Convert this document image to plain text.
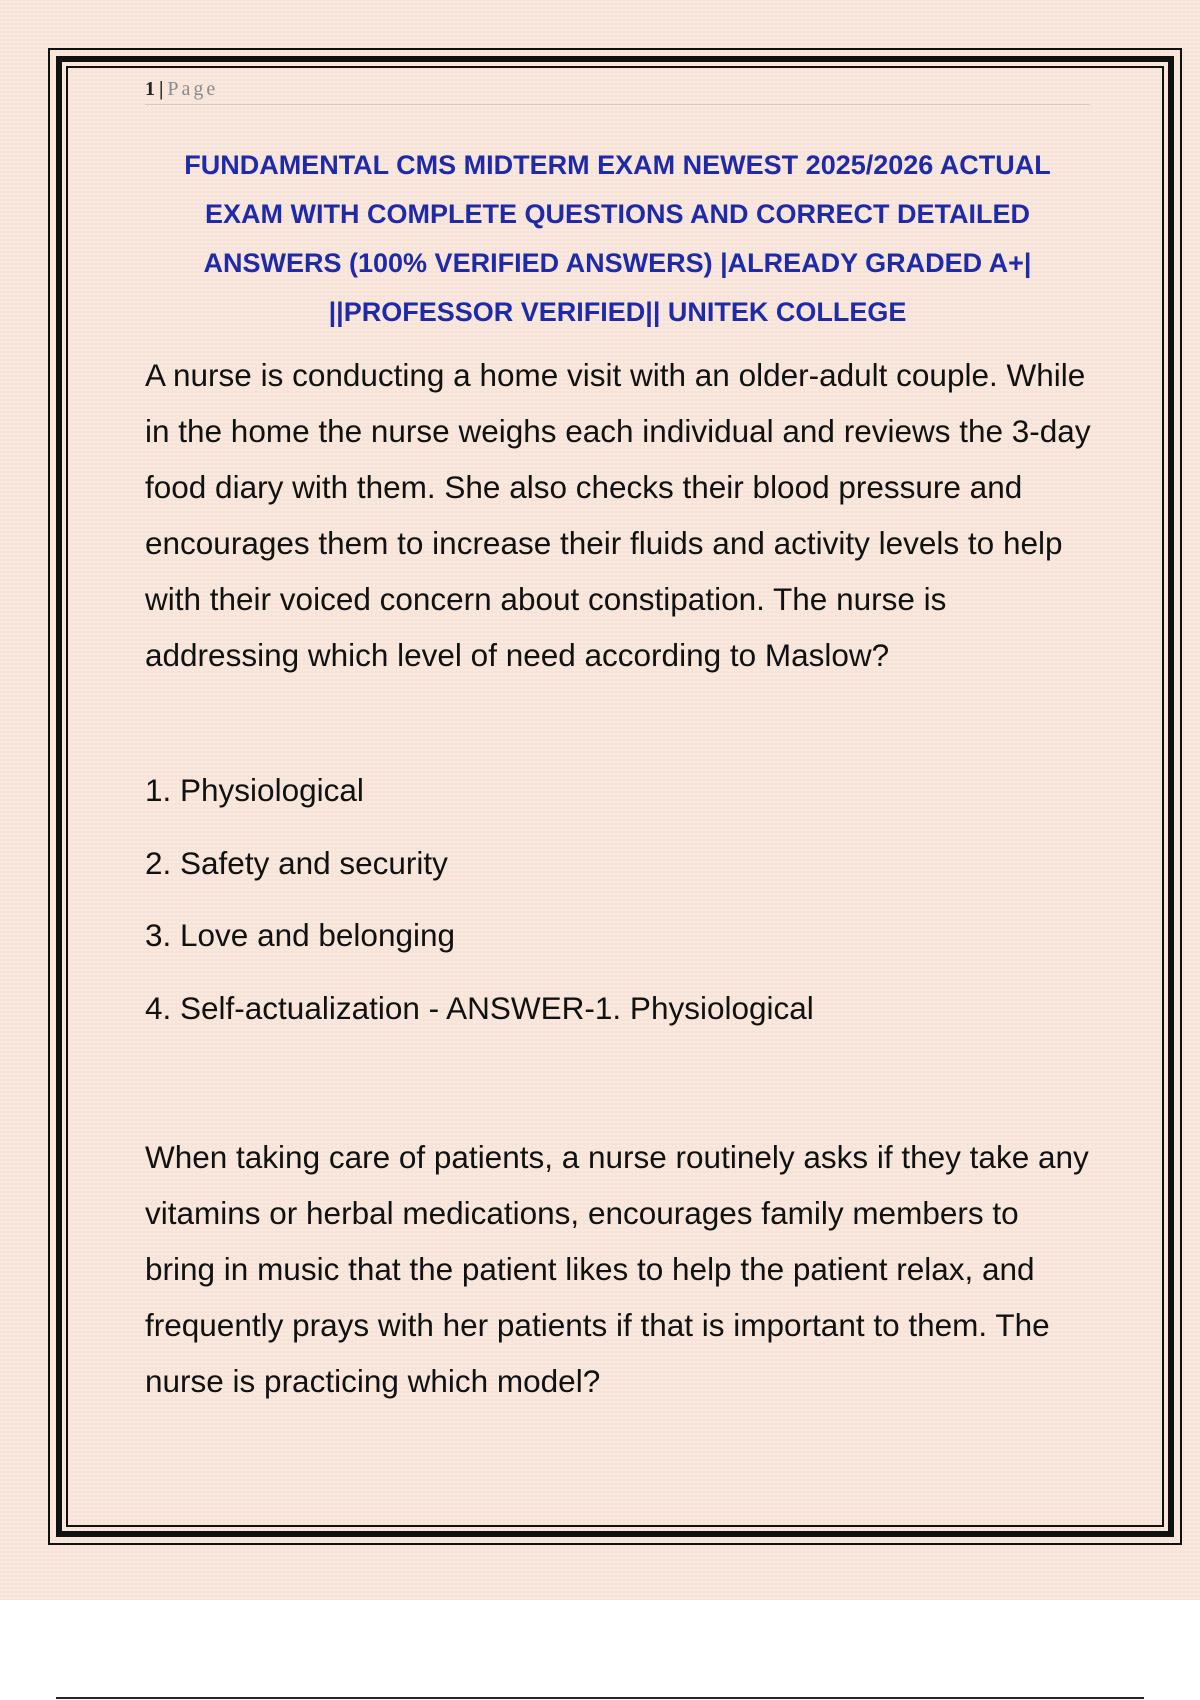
1 | Page
FUNDAMENTAL CMS MIDTERM EXAM NEWEST 2025/2026 ACTUAL EXAM WITH COMPLETE QUESTIONS AND CORRECT DETAILED ANSWERS (100% VERIFIED ANSWERS) |ALREADY GRADED A+| ||PROFESSOR VERIFIED|| UNITEK COLLEGE

A nurse is conducting a home visit with an older-adult couple. While in the home the nurse weighs each individual and reviews the 3-day food diary with them. She also checks their blood pressure and encourages them to increase their fluids and activity levels to help with their voiced concern about constipation. The nurse is addressing which level of need according to Maslow?

1. Physiological
2. Safety and security
3. Love and belonging
4. Self-actualization - ANSWER-1. Physiological

When taking care of patients, a nurse routinely asks if they take any vitamins or herbal medications, encourages family members to bring in music that the patient likes to help the patient relax, and frequently prays with her patients if that is important to them. The nurse is practicing which model?
